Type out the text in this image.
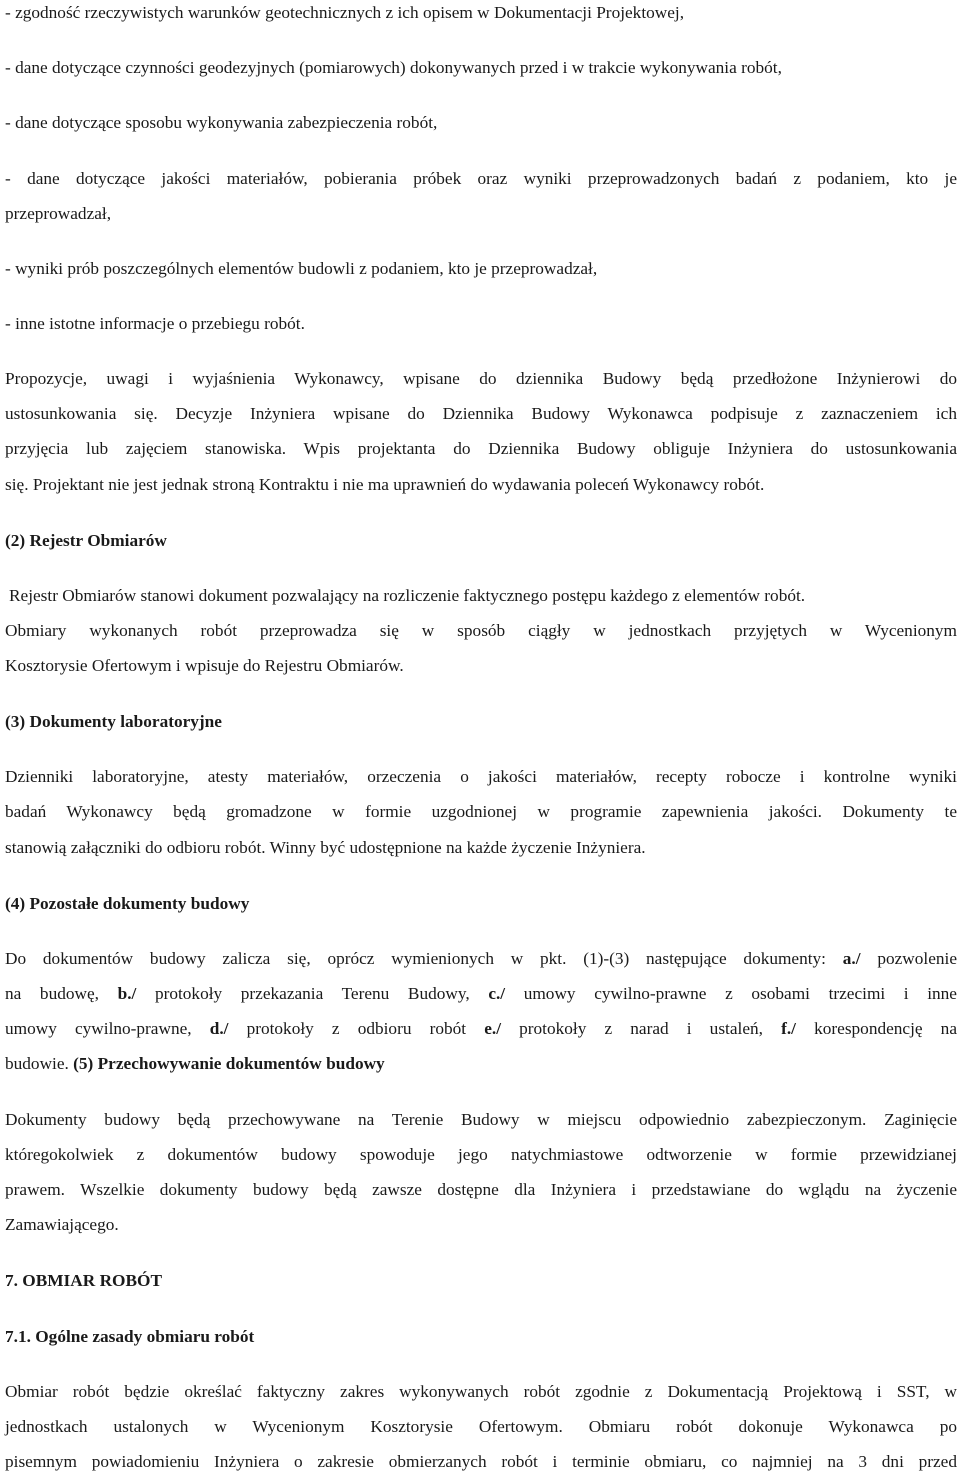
- zgodność rzeczywistych warunków geotechnicznych z ich opisem w Dokumentacji Projektowej,
- dane dotyczące czynności geodezyjnych (pomiarowych) dokonywanych przed i w trakcie wykonywania robót,
- dane dotyczące sposobu wykonywania zabezpieczenia robót,
- dane dotyczące jakości materiałów, pobierania próbek oraz wyniki przeprowadzonych badań z podaniem, kto je
przeprowadzał,
- wyniki prób poszczególnych elementów budowli z podaniem, kto je przeprowadzał,
- inne istotne informacje o przebiegu robót.
Propozycje, uwagi i wyjaśnienia Wykonawcy, wpisane do dziennika Budowy będą przedłożone Inżynierowi do
ustosunkowania się. Decyzje Inżyniera wpisane do Dziennika Budowy Wykonawca podpisuje z zaznaczeniem ich
przyjęcia lub zajęciem stanowiska. Wpis projektanta do Dziennika Budowy obliguje Inżyniera do ustosunkowania
się. Projektant nie jest jednak stroną Kontraktu i nie ma uprawnień do wydawania poleceń Wykonawcy robót.
(2) Rejestr Obmiarów
Rejestr Obmiarów stanowi dokument pozwalający na rozliczenie faktycznego postępu każdego z elementów robót.
Obmiary wykonanych robót przeprowadza się w sposób ciągły w jednostkach przyjętych w Wycenionym
Kosztorysie Ofertowym i wpisuje do Rejestru Obmiarów.
(3) Dokumenty laboratoryjne
Dzienniki laboratoryjne, atesty materiałów, orzeczenia o jakości materiałów, recepty robocze i kontrolne wyniki
badań Wykonawcy będą gromadzone w formie uzgodnionej w programie zapewnienia jakości. Dokumenty te
stanowią załączniki do odbioru robót. Winny być udostępnione na każde życzenie Inżyniera.
(4) Pozostałe dokumenty budowy
Do dokumentów budowy zalicza się, oprócz wymienionych w pkt. (1)-(3) następujące dokumenty: a./ pozwolenie
na budowę, b./ protokoły przekazania Terenu Budowy, c./ umowy cywilno-prawne z osobami trzecimi i inne
umowy cywilno-prawne, d./ protokoły z odbioru robót e./ protokoły z narad i ustaleń, f./ korespondencję na
budowie. (5) Przechowywanie dokumentów budowy
Dokumenty budowy będą przechowywane na Terenie Budowy w miejscu odpowiednio zabezpieczonym. Zaginięcie
któregokolwiek z dokumentów budowy spowoduje jego natychmiastowe odtworzenie w formie przewidzianej
prawem. Wszelkie dokumenty budowy będą zawsze dostępne dla Inżyniera i przedstawiane do wglądu na życzenie
Zamawiającego.
7. OBMIAR ROBÓT
7.1. Ogólne zasady obmiaru robót
Obmiar robót będzie określać faktyczny zakres wykonywanych robót zgodnie z Dokumentacją Projektową i SST, w
jednostkach ustalonych w Wycenionym Kosztorysie Ofertowym. Obmiaru robót dokonuje Wykonawca po
pisemnym powiadomieniu Inżyniera o zakresie obmierzanych robót i terminie obmiaru, co najmniej na 3 dni przed
